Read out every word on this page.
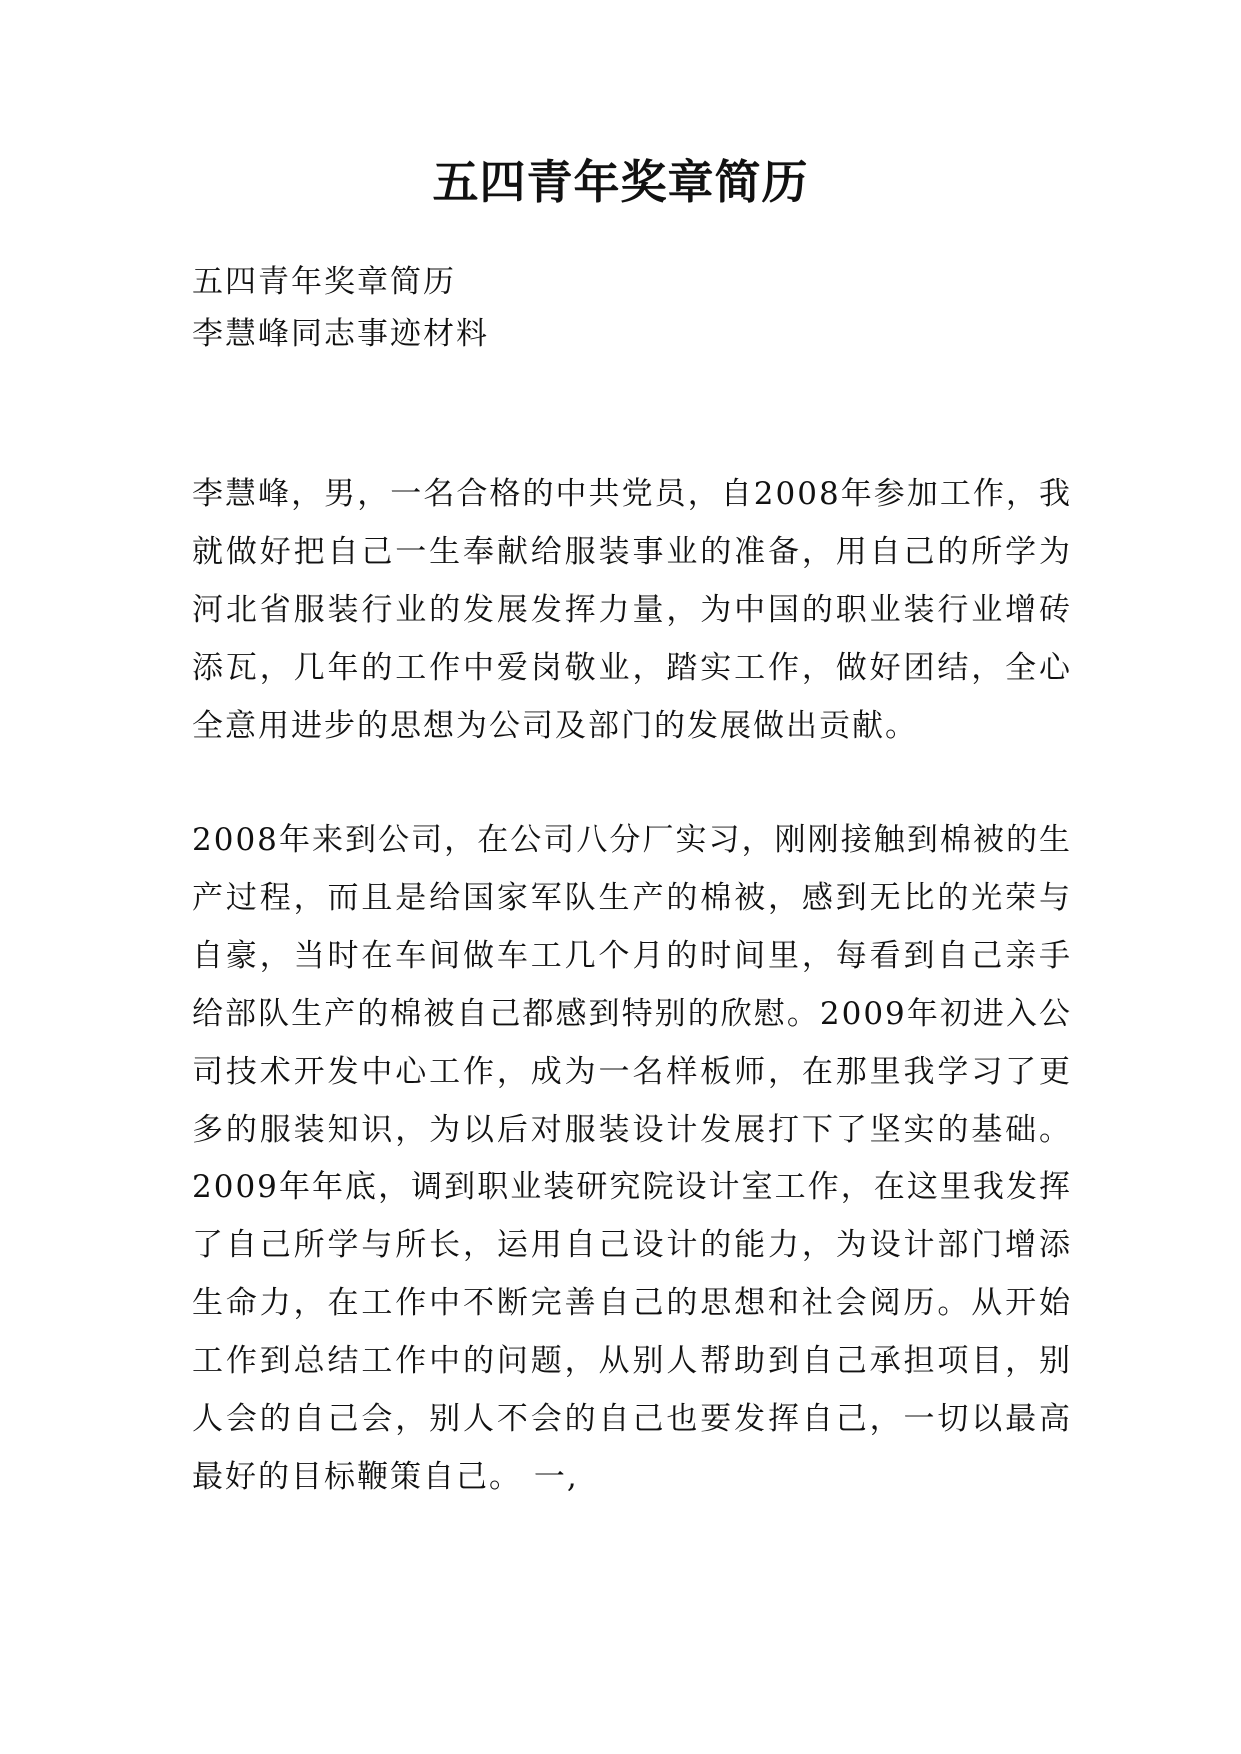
五四青年奖章简历
五四青年奖章简历
李慧峰同志事迹材料
李慧峰，男，一名合格的中共党员，自2008年参加工作，我就做好把自己一生奉献给服装事业的准备，用自己的所学为河北省服装行业的发展发挥力量，为中国的职业装行业增砖添瓦，几年的工作中爱岗敬业，踏实工作，做好团结，全心全意用进步的思想为公司及部门的发展做出贡献。
2008年来到公司，在公司八分厂实习，刚刚接触到棉被的生产过程，而且是给国家军队生产的棉被，感到无比的光荣与自豪，当时在车间做车工几个月的时间里，每看到自己亲手给部队生产的棉被自己都感到特别的欣慰。2009年初进入公司技术开发中心工作，成为一名样板师，在那里我学习了更多的服装知识，为以后对服装设计发展打下了坚实的基础。2009年年底，调到职业装研究院设计室工作，在这里我发挥了自己所学与所长，运用自己设计的能力，为设计部门增添生命力，在工作中不断完善自己的思想和社会阅历。从开始工作到总结工作中的问题，从别人帮助到自己承担项目，别人会的自己会，别人不会的自己也要发挥自己，一切以最高最好的目标鞭策自己。 一,
